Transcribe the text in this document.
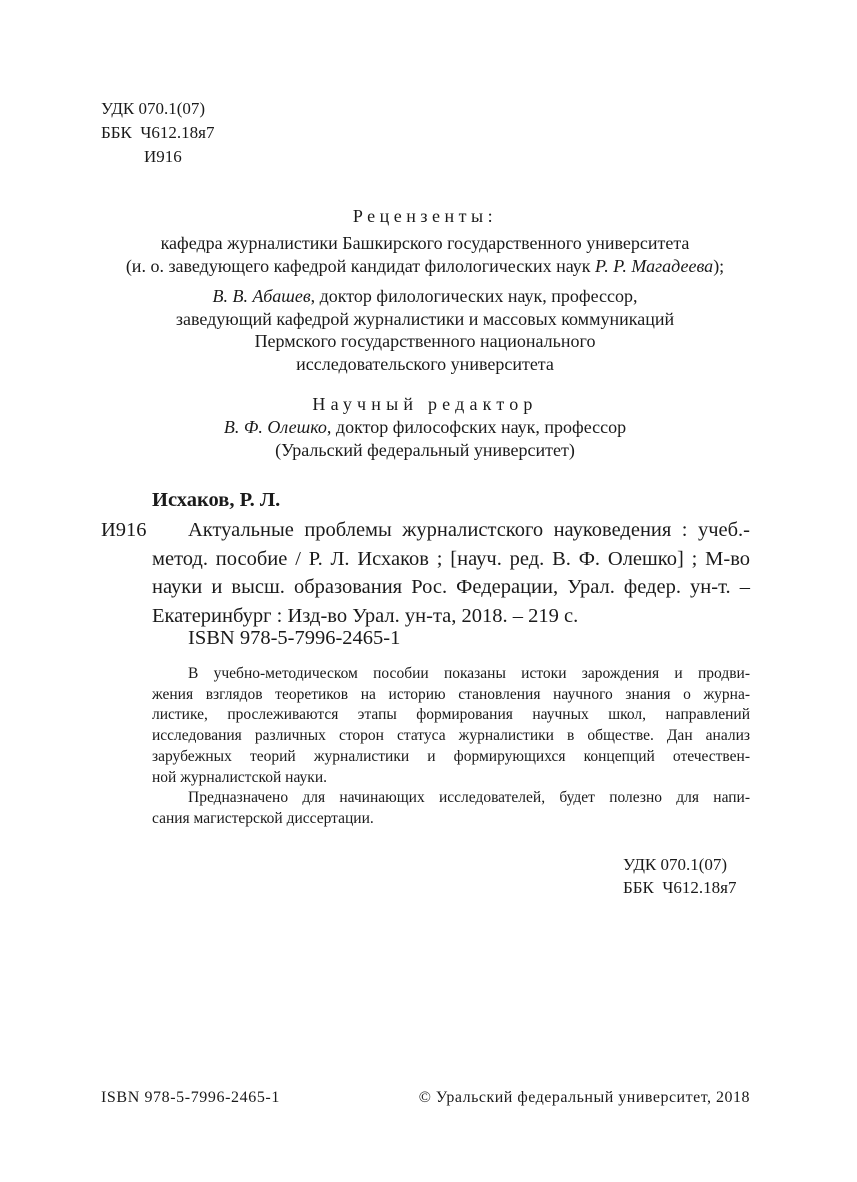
УДК 070.1(07)
ББК  Ч612.18я7
И916
Рецензенты:
кафедра журналистики Башкирского государственного университета
(и. о. заведующего кафедрой кандидат филологических наук Р. Р. Магадеева);
В. В. Абашев, доктор филологических наук, профессор,
заведующий кафедрой журналистики и массовых коммуникаций
Пермского государственного национального
исследовательского университета
Научный редактор
В. Ф. Олешко, доктор философских наук, профессор
(Уральский федеральный университет)
Исхаков, Р. Л.
И916 Актуальные проблемы журналистского науковедения : учеб.-
метод. пособие / Р. Л. Исхаков ; [науч. ред. В. Ф. Олешко] ; М-во
науки и высш. образования Рос. Федерации, Урал. федер. ун-т. –
Екатеринбург : Изд-во Урал. ун-та, 2018. – 219 с.
ISBN 978-5-7996-2465-1
В учебно-методическом пособии показаны истоки зарождения и продви-
жения взглядов теоретиков на историю становления научного знания о журна-
листике, прослеживаются этапы формирования научных школ, направлений
исследования различных сторон статуса журналистики в обществе. Дан анализ
зарубежных теорий журналистики и формирующихся концепций отечествен-
ной журналистской науки.
Предназначено для начинающих исследователей, будет полезно для напи-
сания магистерской диссертации.
УДК 070.1(07)
ББК  Ч612.18я7
ISBN 978-5-7996-2465-1	© Уральский федеральный университет, 2018
